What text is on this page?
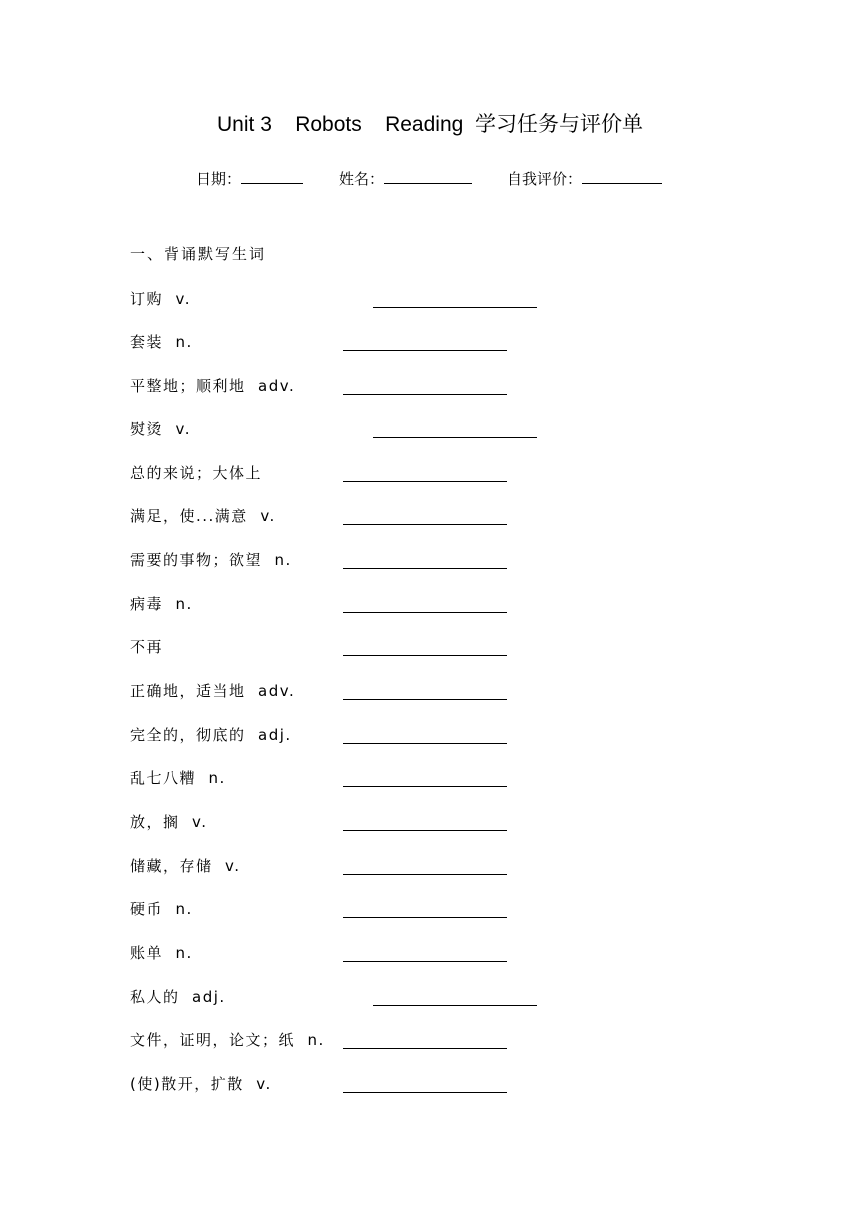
Unit 3    Robots    Reading  学习任务与评价单
日期：	姓名：	自我评价：
一、背诵默写生词
订购  v.
套装  n.
平整地；顺利地  adv.
熨烫  v.
总的来说；大体上
满足，使...满意  v.
需要的事物；欲望  n.
病毒  n.
不再
正确地，适当地  adv.
完全的，彻底的  adj.
乱七八糟  n.
放，搁  v.
储藏，存储  v.
硬币  n.
账单  n.
私人的  adj.
文件，证明，论文；纸  n.
(使)散开，扩散  v.
